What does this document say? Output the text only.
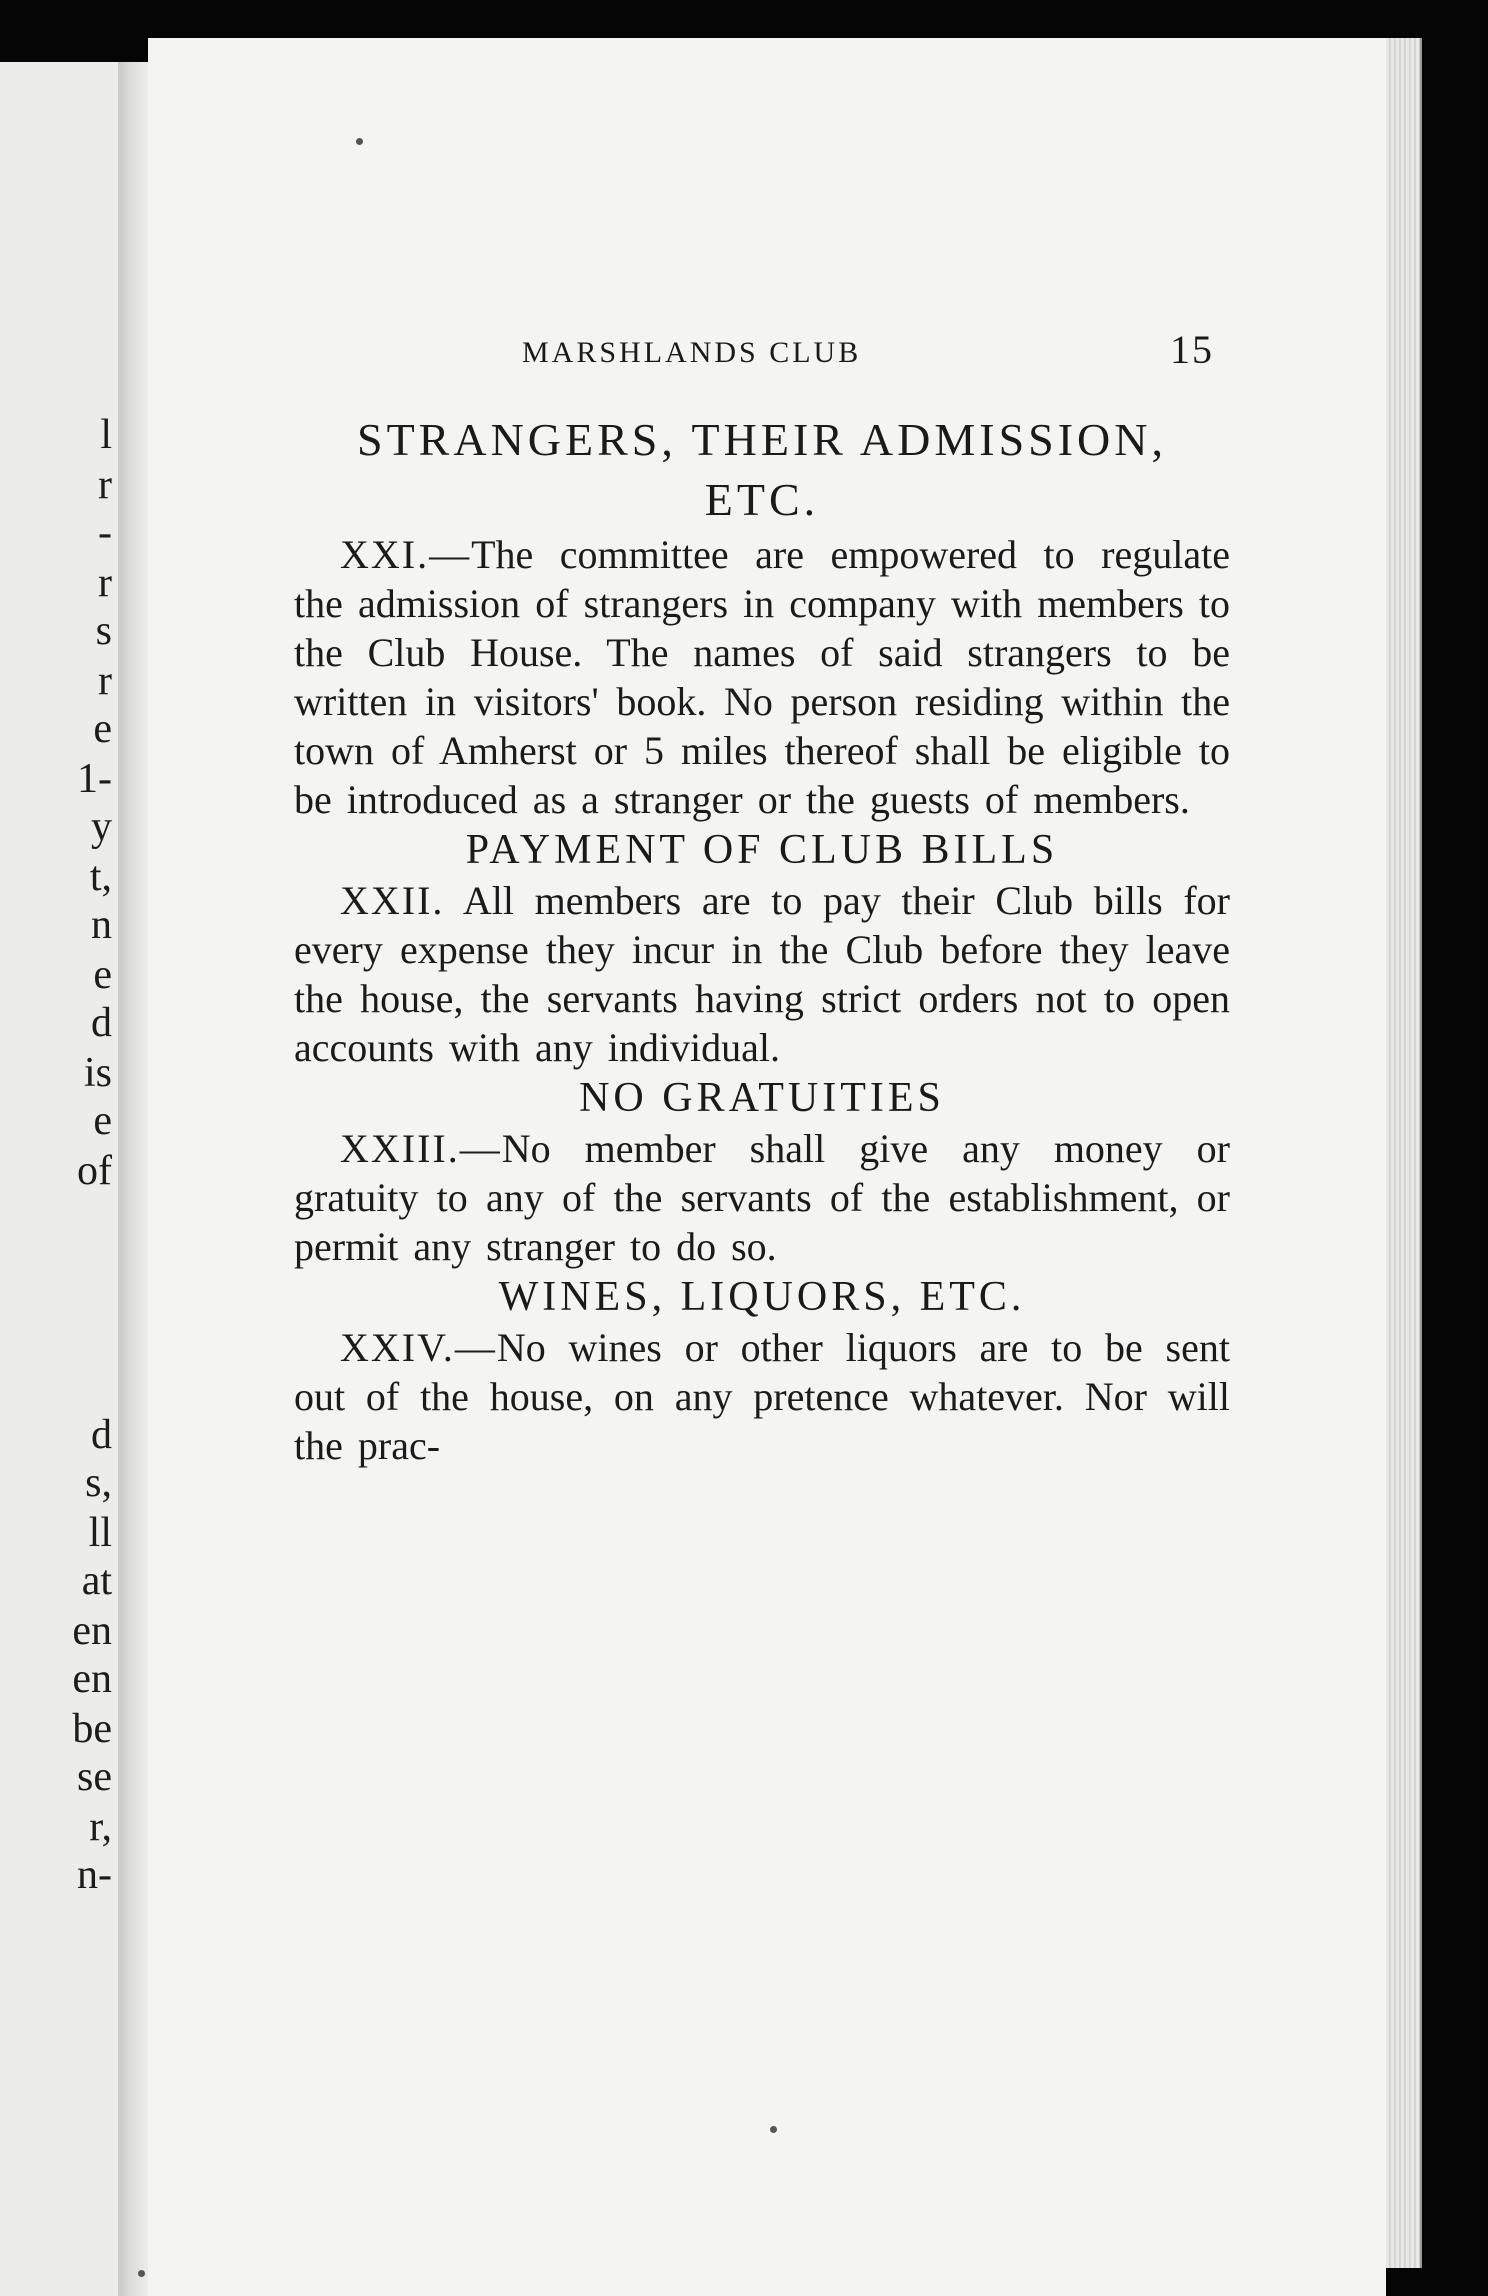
l
r
-
r
s
r
e
1-
y
t,
n
e
d
is
e
of
d
s,
ll
at
en
en
be
se
r,
n-
MARSHLANDS CLUB	15
STRANGERS, THEIR ADMISSION, ETC.

XXI.—The committee are empowered to regulate the admission of strangers in company with members to the Club House. The names of said strangers to be written in visitors' book. No person residing within the town of Amherst or 5 miles thereof shall be eligible to be introduced as a stranger or the guests of members.

PAYMENT OF CLUB BILLS

XXII. All members are to pay their Club bills for every expense they incur in the Club before they leave the house, the servants having strict orders not to open accounts with any individual.

NO GRATUITIES

XXIII.—No member shall give any money or gratuity to any of the servants of the establishment, or permit any stranger to do so.

WINES, LIQUORS, ETC.

XXIV.—No wines or other liquors are to be sent out of the house, on any pretence whatever. Nor will the prac-
